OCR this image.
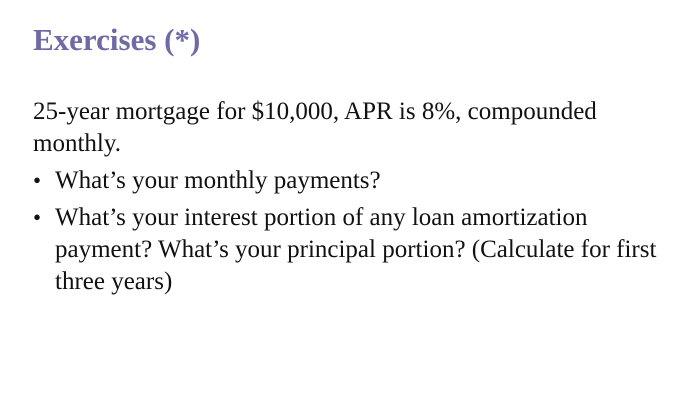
Exercises (*)

25-year mortgage for $10,000, APR is 8%, compounded monthly.

• What’s your monthly payments?
• What’s your interest portion of any loan amortization payment? What’s your principal portion? (Calculate for first three years)
